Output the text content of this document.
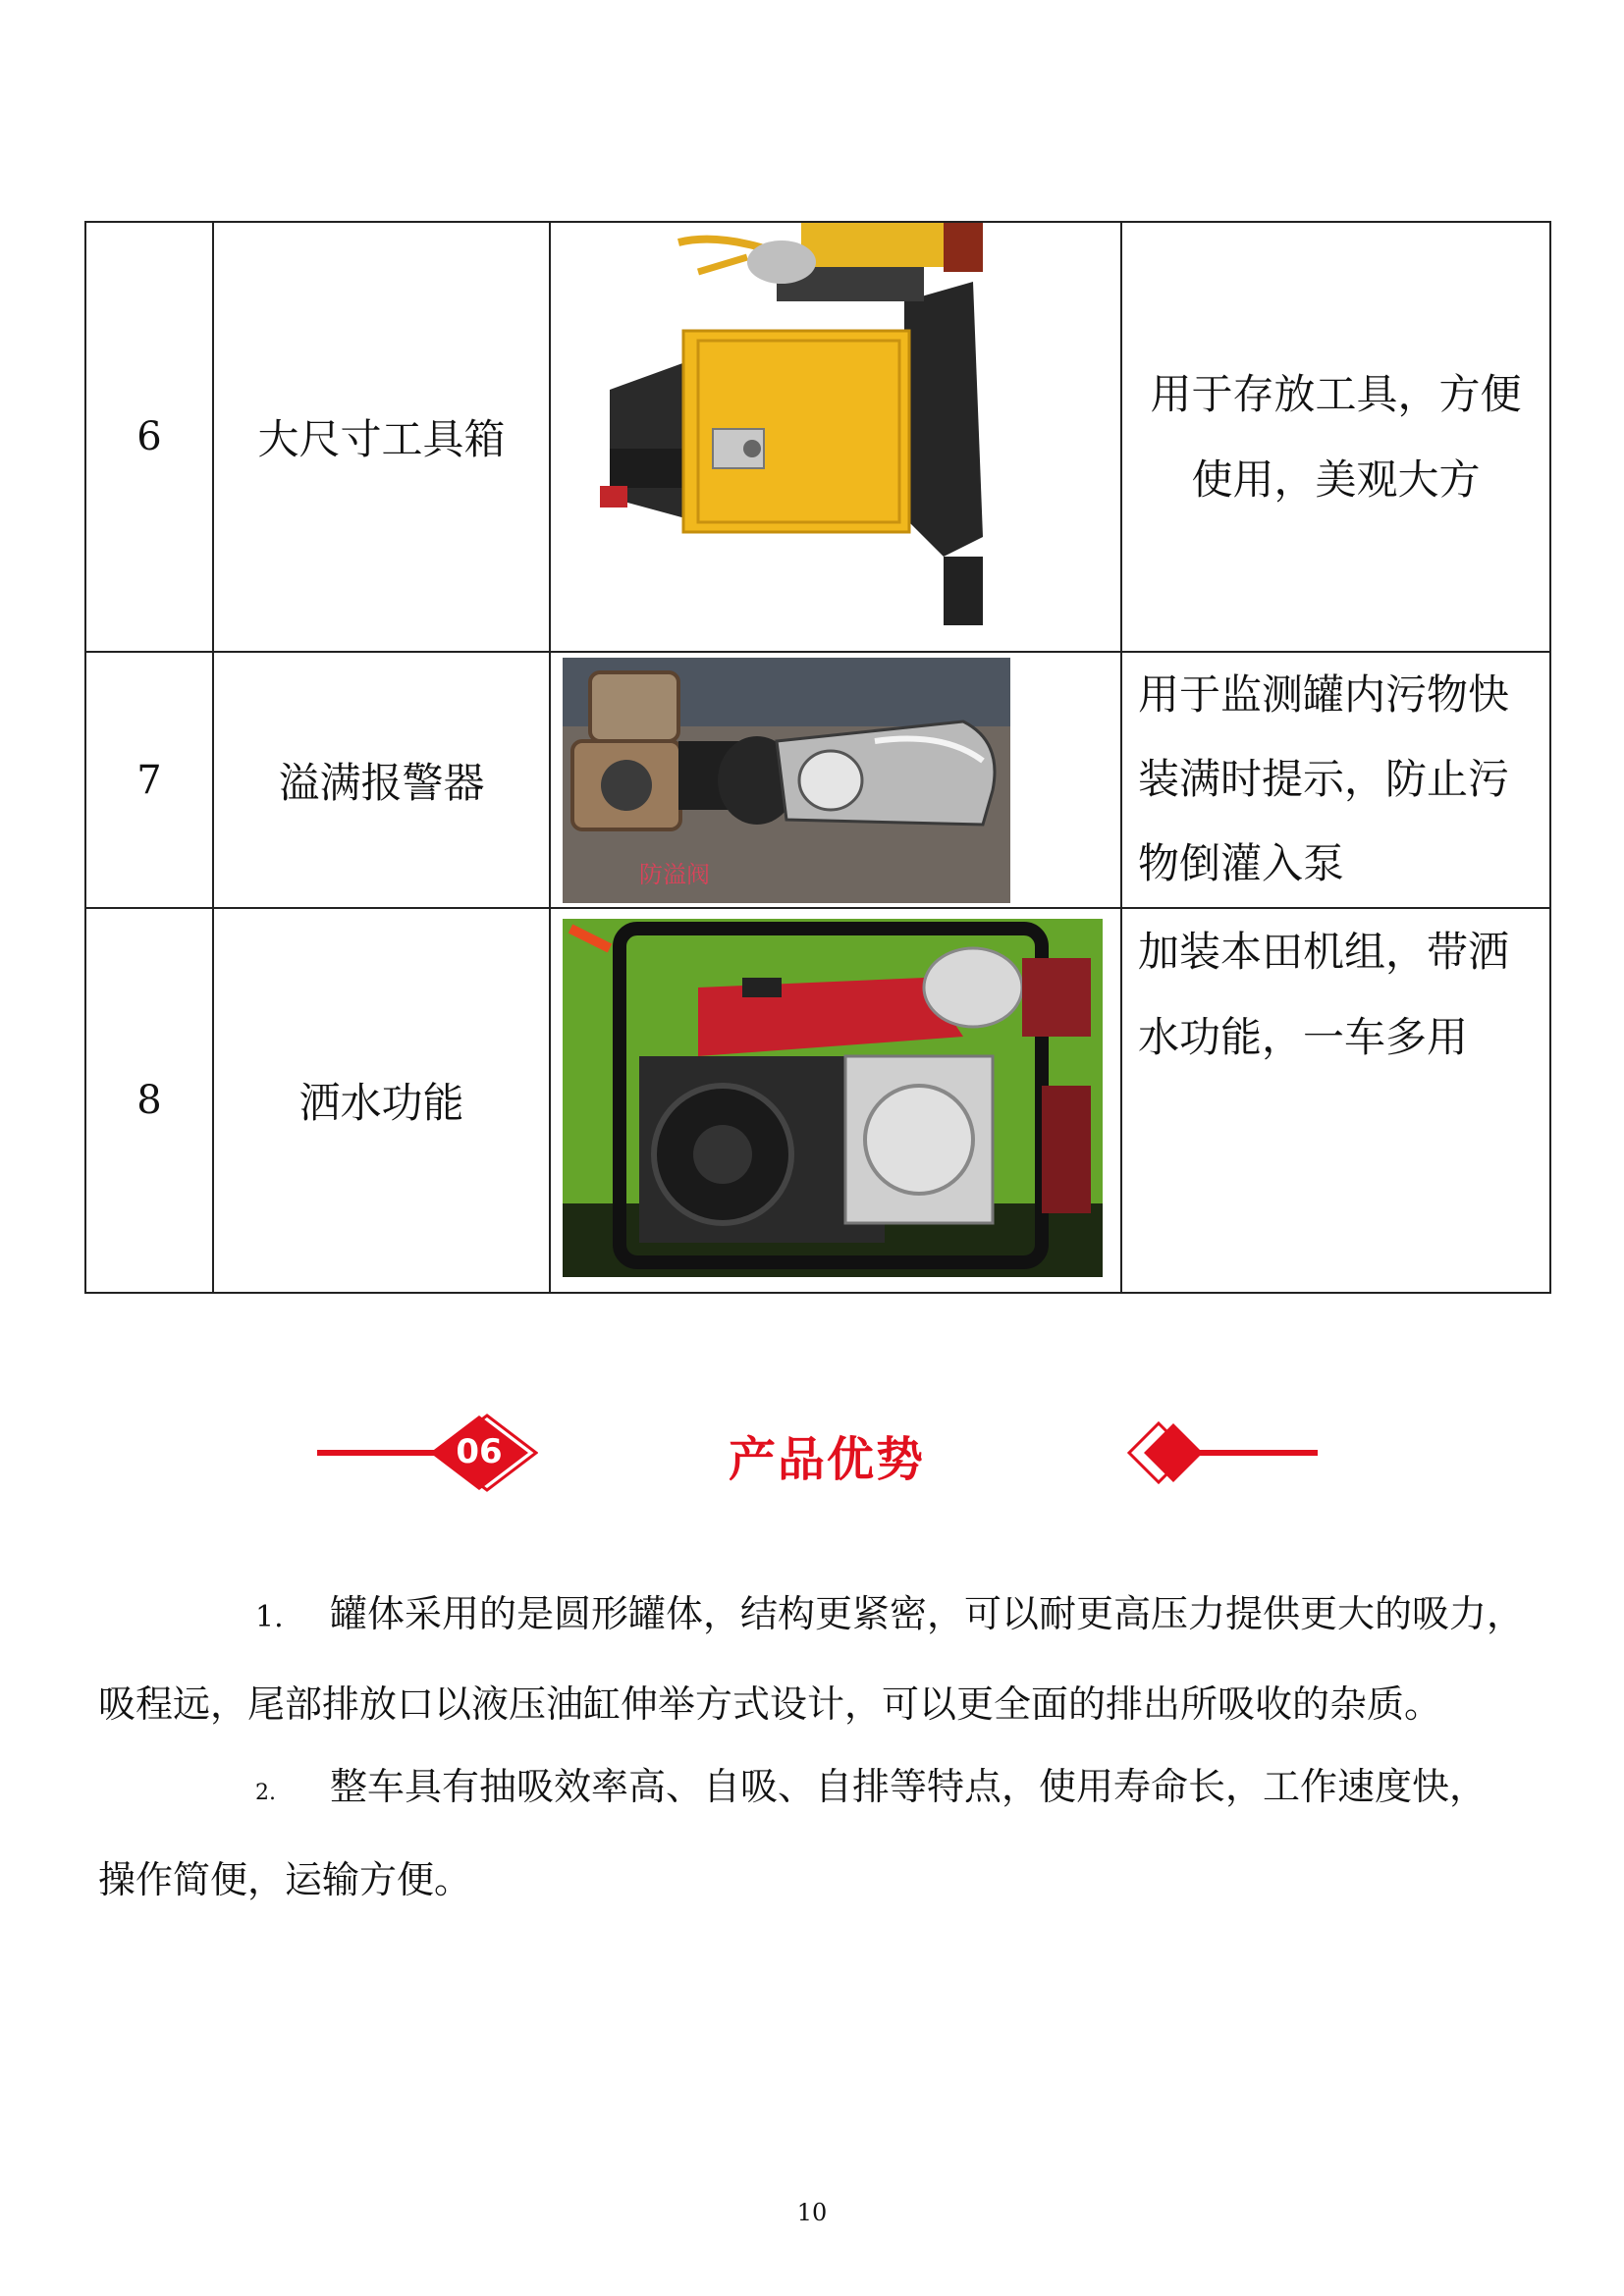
6	大尺寸工具箱		用于存放工具，方便
使用，美观大方

7	溢满报警器	防溢阀	用于监测罐内污物快
装满时提示，防止污
物倒灌入泵

8	洒水功能		加装本田机组，带洒
水功能，一车多用
06	产品优势

1. 罐体采用的是圆形罐体，结构更紧密，可以耐更高压力提供更大的吸力，
吸程远，尾部排放口以液压油缸伸举方式设计，可以更全面的排出所吸收的杂质。

2. 整车具有抽吸效率高、自吸、自排等特点，使用寿命长，工作速度快，
操作简便，运输方便。

10
